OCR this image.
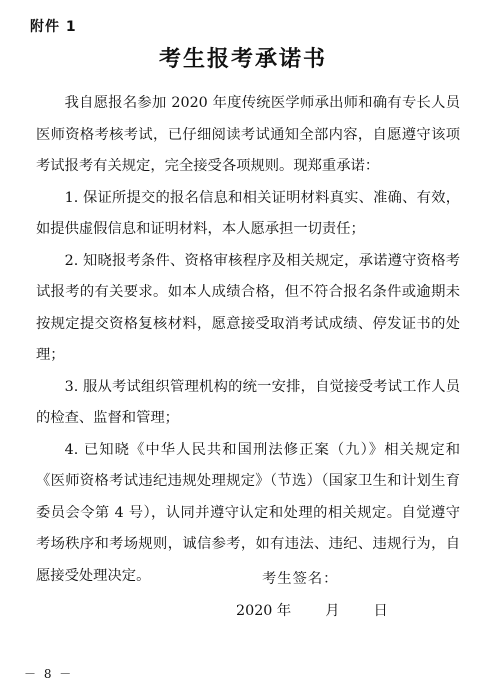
附件 1
考生报考承诺书

我自愿报名参加 2020 年度传统医学师承出师和确有专长人员医师资格考核考试，已仔细阅读考试通知全部内容，自愿遵守该项考试报考有关规定，完全接受各项规则。现郑重承诺：

1. 保证所提交的报名信息和相关证明材料真实、准确、有效，如提供虚假信息和证明材料，本人愿承担一切责任；

2. 知晓报考条件、资格审核程序及相关规定，承诺遵守资格考试报考的有关要求。如本人成绩合格，但不符合报名条件或逾期未按规定提交资格复核材料，愿意接受取消考试成绩、停发证书的处理；

3. 服从考试组织管理机构的统一安排，自觉接受考试工作人员的检查、监督和管理；

4. 已知晓《中华人民共和国刑法修正案（九）》相关规定和《医师资格考试违纪违规处理规定》（节选）（国家卫生和计划生育委员会令第 4 号），认同并遵守认定和处理的相关规定。自觉遵守考场秩序和考场规则，诚信参考，如有违法、违纪、违规行为，自愿接受处理决定。	考生签名：
2020 年 月 日
－ 8 －
